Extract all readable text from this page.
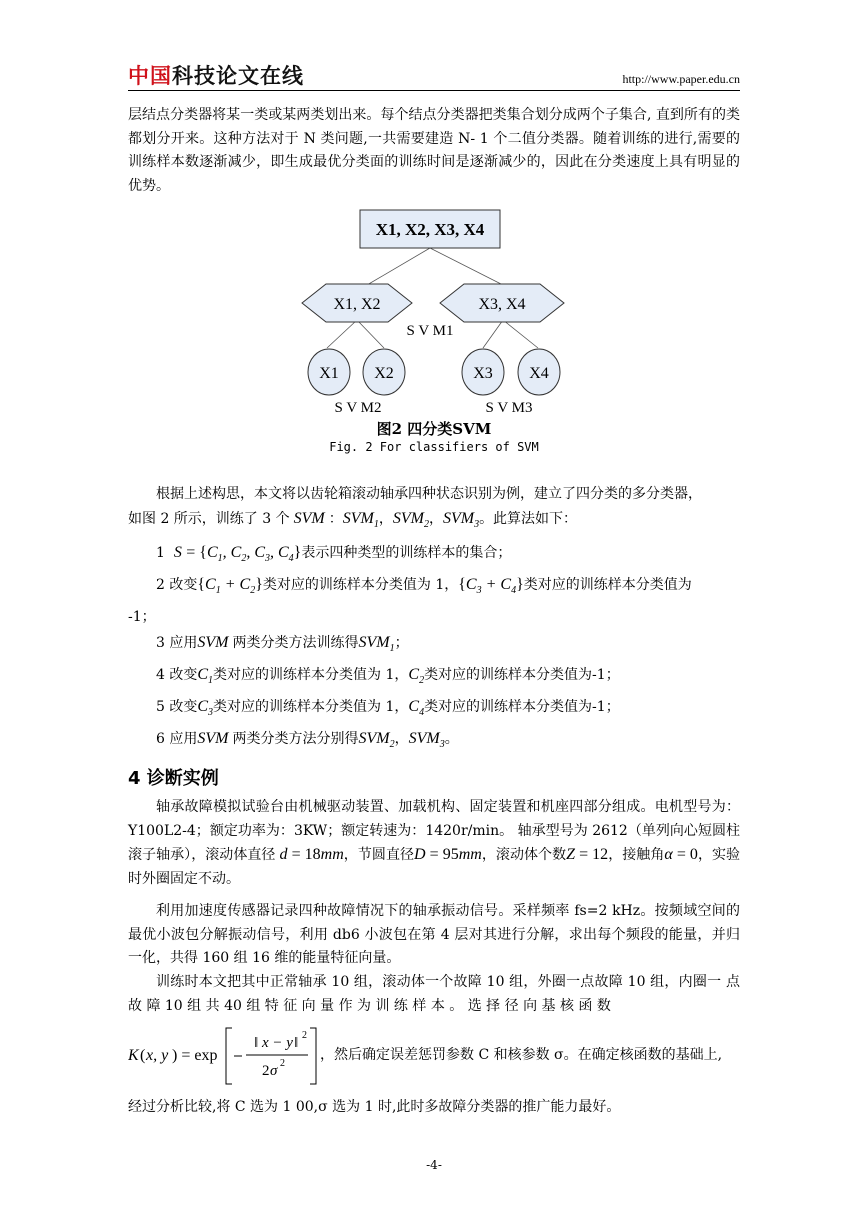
中国科技论文在线	http://www.paper.edu.cn
层结点分类器将某一类或某两类划出来。每个结点分类器把类集合划分成两个子集合, 直到所有的类都划分开来。这种方法对于 N 类问题,一共需要建造 N- 1 个二值分类器。随着训练的进行,需要的训练样本数逐渐减少，即生成最优分类面的训练时间是逐渐减少的，因此在分类速度上具有明显的优势。
X1, X2, X3, X4
X1, X2	X3, X4
X1 X2	X3 X4
S V M1
S V M2	S V M3
图2 四分类SVM
Fig. 2 For classifiers of SVM
根据上述构思，本文将以齿轮箱滚动轴承四种状态识别为例，建立了四分类的多分类器，
如图 2 所示，训练了 3 个 SVM ：$SVM_1$，$SVM_2$，$SVM_3$。此算法如下：
1 $S = \{C_1$, $C_2$, $C_3$, $C_4$}表示四种类型的训练样本的集合；
2 改变$\{C_1 + C_2\}$类对应的训练样本分类值为 1，$\{C_3 + C_4\}$类对应的训练样本分类值为
-1；
3 应用SVM 两类分类方法训练得$SVM_1$；
4 改变$C_1$类对应的训练样本分类值为 1，$C_2$类对应的训练样本分类值为-1；
5 改变$C_3$类对应的训练样本分类值为 1，$C_4$类对应的训练样本分类值为-1；
6 应用SVM 两类分类方法分别得$SVM_2$，$SVM_3$。
4 诊断实例
轴承故障模拟试验台由机械驱动装置、加载机构、固定装置和机座四部分组成。电机型号为：Y100L2-4；额定功率为：3KW；额定转速为：1420r/min。 轴承型号为 2612（单列向心短圆柱滚子轴承），滚动体直径 d = 18mm，节圆直径D = 95mm，滚动体个数Z = 12，接触角α = 0，实验时外圈固定不动。
利用加速度传感器记录四种故障情况下的轴承振动信号。采样频率 fs=2 kHz。按频域空间的最优小波包分解振动信号，利用 db6 小波包在第 4 层对其进行分解，求出每个频段的能量，并归一化，共得 160 组 16 维的能量特征向量。
训练时本文把其中正常轴承 10 组，滚动体一个故障 10 组，外圈一点故障 10 组，内圈一 点 故 障 10 组 共 40 组 特 征 向 量 作 为 训 练 样 本 。 选 择 径 向 基 核 函 数
K ( x, y ) = exp
‖ x − y ‖ 2
2 σ 2
，然后确定误差惩罚参数 C 和核参数 σ。在确定核函数的基础上,
经过分析比较,将 C 选为 1 00,σ 选为 1 时,此时多故障分类器的推广能力最好。
-4-
